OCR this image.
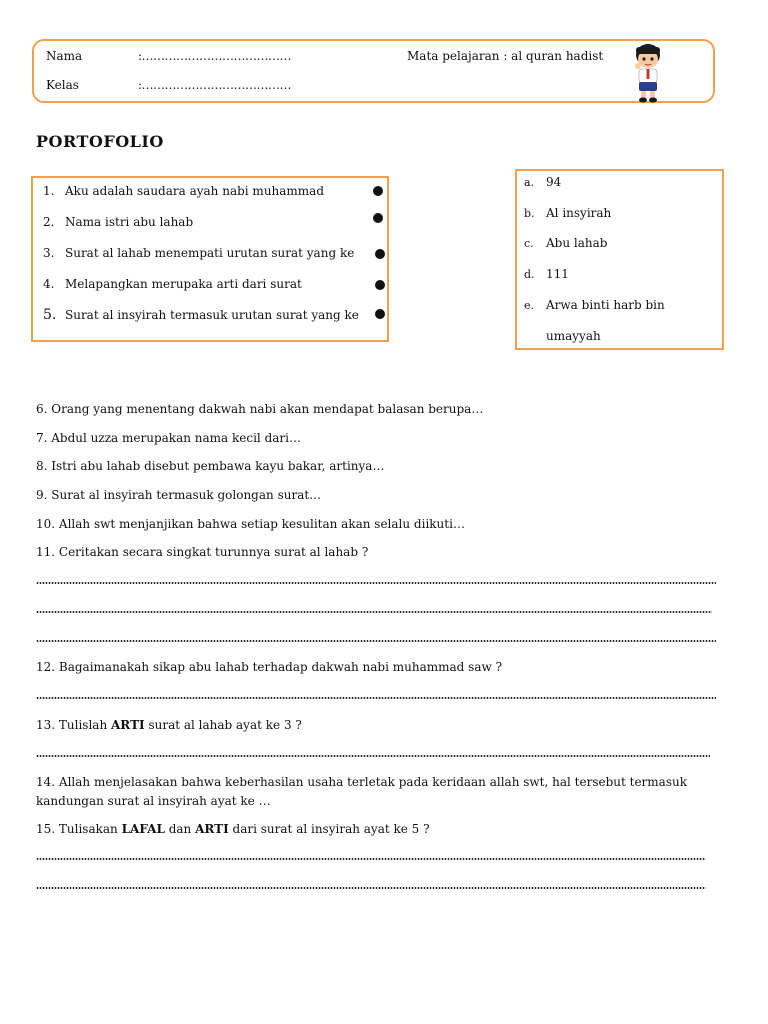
Nama	:…………………………………
Kelas	:…………………………………
Mata pelajaran : al quran hadist
PORTOFOLIO
1. Aku adalah saudara ayah nabi muhammad
2. Nama istri abu lahab
3. Surat al lahab menempati urutan surat yang ke
4. Melapangkan merupaka arti dari surat
5. Surat al insyirah termasuk urutan surat yang ke
a. 94
b. Al insyirah
c. Abu lahab
d. 111
e. Arwa binti harb bin
umayyah
6. Orang yang menentang dakwah nabi akan mendapat balasan berupa…
7. Abdul uzza merupakan nama kecil dari…
8. Istri abu lahab disebut pembawa kayu bakar, artinya…
9. Surat al insyirah termasuk golongan surat…
10. Allah swt menjanjikan bahwa setiap kesulitan akan selalu diikuti…
11. Ceritakan secara singkat turunnya surat al lahab ?
12. Bagaimanakah sikap abu lahab terhadap dakwah nabi muhammad saw ?
13. Tulislah ARTI surat al lahab ayat ke 3 ?
14. Allah menjelasakan bahwa keberhasilan usaha terletak pada keridaan allah swt, hal tersebut termasuk
kandungan surat al insyirah ayat ke …
15. Tulisakan LAFAL dan ARTI dari surat al insyirah ayat ke 5 ?
